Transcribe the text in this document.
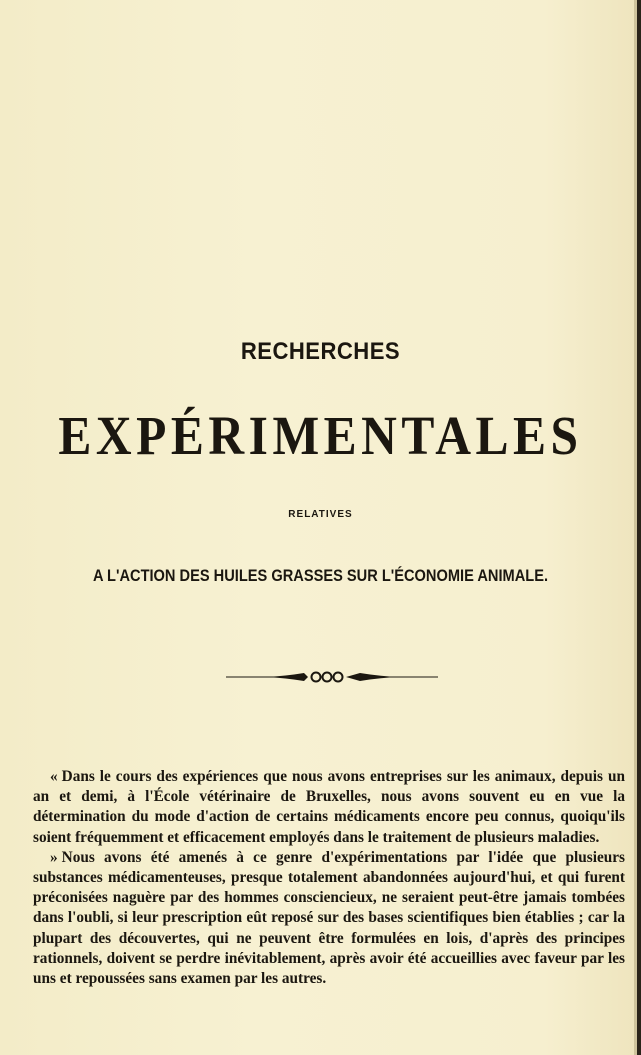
RECHERCHES
EXPÉRIMENTALES
RELATIVES
A L'ACTION DES HUILES GRASSES SUR L'ÉCONOMIE ANIMALE.

« Dans le cours des expériences que nous avons entreprises sur les animaux, depuis un an et demi, à l'École vétérinaire de Bruxelles, nous avons souvent eu en vue la détermination du mode d'action de certains médicaments encore peu connus, quoiqu'ils soient fréquemment et efficacement employés dans le traitement de plusieurs maladies.

» Nous avons été amenés à ce genre d'expérimentations par l'idée que plusieurs substances médicamenteuses, presque totalement abandonnées aujourd'hui, et qui furent préconisées naguère par des hommes consciencieux, ne seraient peut-être jamais tombées dans l'oubli, si leur prescription eût reposé sur des bases scientifiques bien établies ; car la plupart des découvertes, qui ne peuvent être formulées en lois, d'après des principes rationnels, doivent se perdre inévitablement, après avoir été accueillies avec faveur par les uns et repoussées sans examen par les autres.
